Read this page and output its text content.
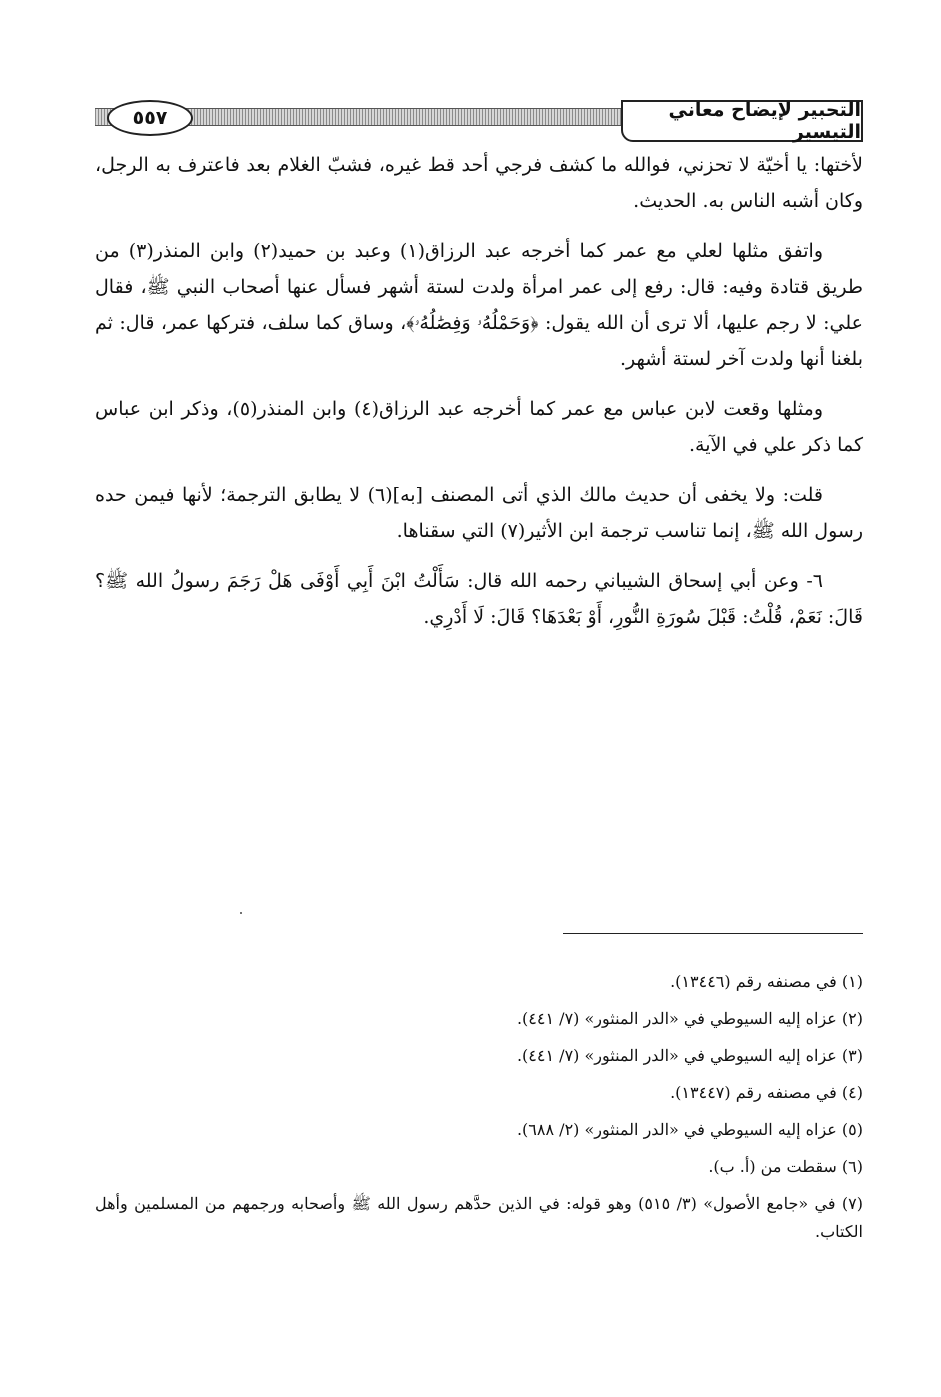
٥٥٧	التحبير لإيضاح معاني التيسير

لأختها: يا أخيّة لا تحزني، فوالله ما كشف فرجي أحد قط غيره، فشبّ الغلام بعد فاعترف به الرجل، وكان أشبه الناس به. الحديث.

واتفق مثلها لعلي مع عمر كما أخرجه عبد الرزاق(١) وعبد بن حميد(٢) وابن المنذر(٣) من طريق قتادة وفيه: قال: رفع إلى عمر امرأة ولدت لستة أشهر فسأل عنها أصحاب النبي ﷺ، فقال علي: لا رجم عليها، ألا ترى أن الله يقول: ﴿وَحَمْلُهُۥ وَفِصَٰلُهُۥ﴾، وساق كما سلف، فتركها عمر، قال: ثم بلغنا أنها ولدت آخر لستة أشهر.

ومثلها وقعت لابن عباس مع عمر كما أخرجه عبد الرزاق(٤) وابن المنذر(٥)، وذكر ابن عباس كما ذكر علي في الآية.

قلت: ولا يخفى أن حديث مالك الذي أتى المصنف [به](٦) لا يطابق الترجمة؛ لأنها فيمن حده رسول الله ﷺ، إنما تناسب ترجمة ابن الأثير(٧) التي سقناها.

٦- وعن أبي إسحاق الشيباني رحمه الله قال: سَأَلْتُ ابْنَ أَبِي أَوْفَى هَلْ رَجَمَ رسولُ الله ﷺ؟ قَالَ: نَعَمْ، قُلْتُ: قَبْلَ سُورَةِ النُّورِ، أَوْ بَعْدَهَا؟ قَالَ: لَا أَدْرِي.

(١) في مصنفه رقم (١٣٤٤٦).
(٢) عزاه إليه السيوطي في «الدر المنثور» (٧/ ٤٤١).
(٣) عزاه إليه السيوطي في «الدر المنثور» (٧/ ٤٤١).
(٤) في مصنفه رقم (١٣٤٤٧).
(٥) عزاه إليه السيوطي في «الدر المنثور» (٢/ ٦٨٨).
(٦) سقطت من (أ. ب).
(٧) في «جامع الأصول» (٣/ ٥١٥) وهو قوله: في الذين حدَّهم رسول الله ﷺ وأصحابه ورجمهم من المسلمين وأهل الكتاب.
